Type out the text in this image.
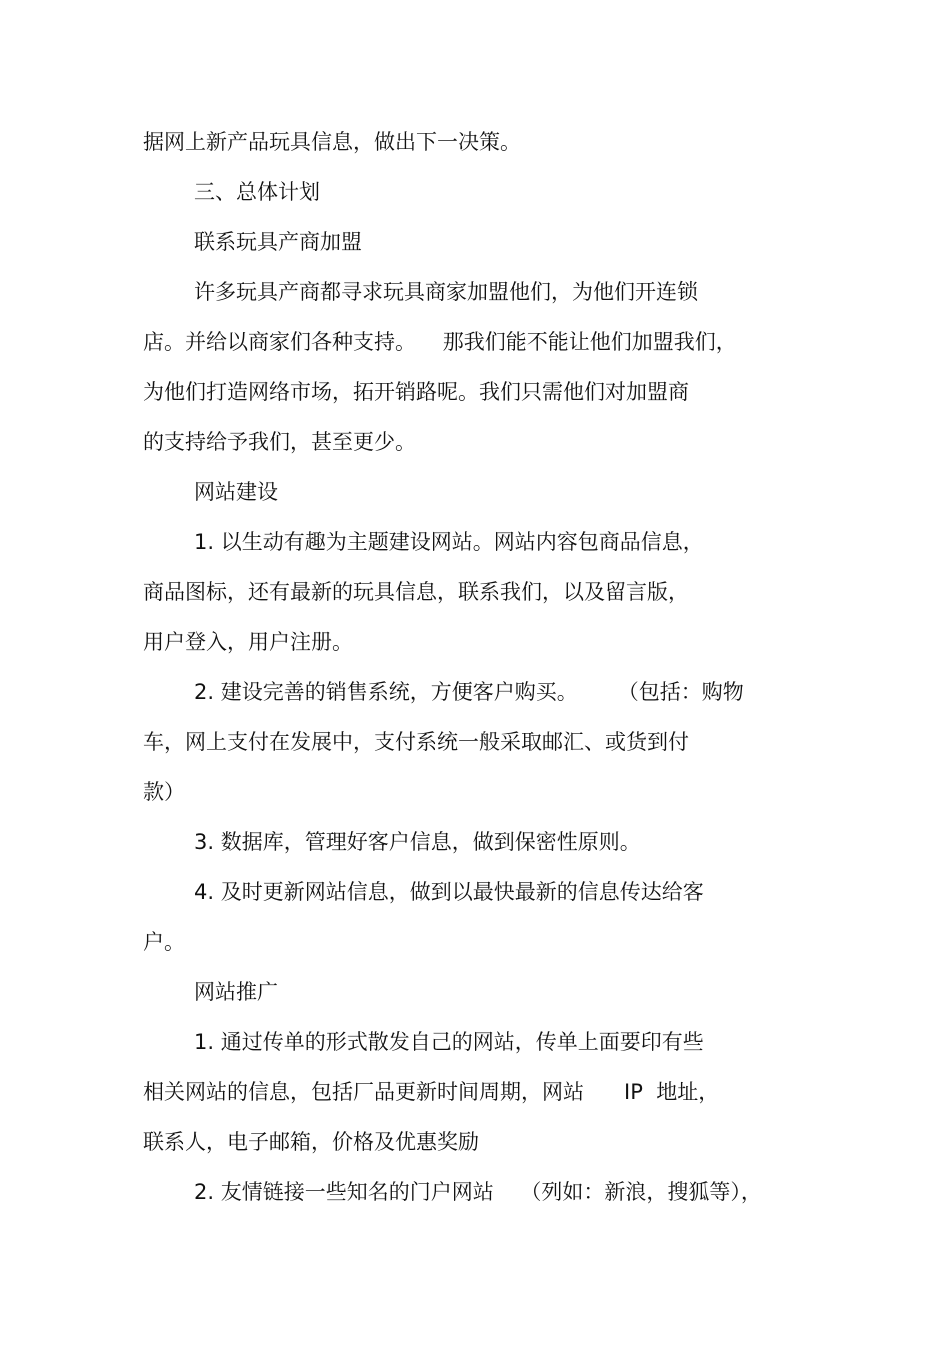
据网上新产品玩具信息，做出下一决策。
三、总体计划
联系玩具产商加盟
许多玩具产商都寻求玩具商家加盟他们，为他们开连锁
店。并给以商家们各种支持。    那我们能不能让他们加盟我们，
为他们打造网络市场，拓开销路呢。我们只需他们对加盟商
的支持给予我们，甚至更少。
网站建设
1. 以生动有趣为主题建设网站。网站内容包商品信息，
商品图标，还有最新的玩具信息，联系我们，以及留言版，
用户登入，用户注册。
2. 建设完善的销售系统，方便客户购买。      （包括：购物
车，网上支付在发展中，支付系统一般采取邮汇、或货到付
款）
3. 数据库，管理好客户信息，做到保密性原则。
4. 及时更新网站信息，做到以最快最新的信息传达给客
户。
网站推广
1. 通过传单的形式散发自己的网站，传单上面要印有些
相关网站的信息，包括厂品更新时间周期，网站      IP  地址，
联系人，电子邮箱，价格及优惠奖励
2. 友情链接一些知名的门户网站    （列如：新浪，搜狐等），
